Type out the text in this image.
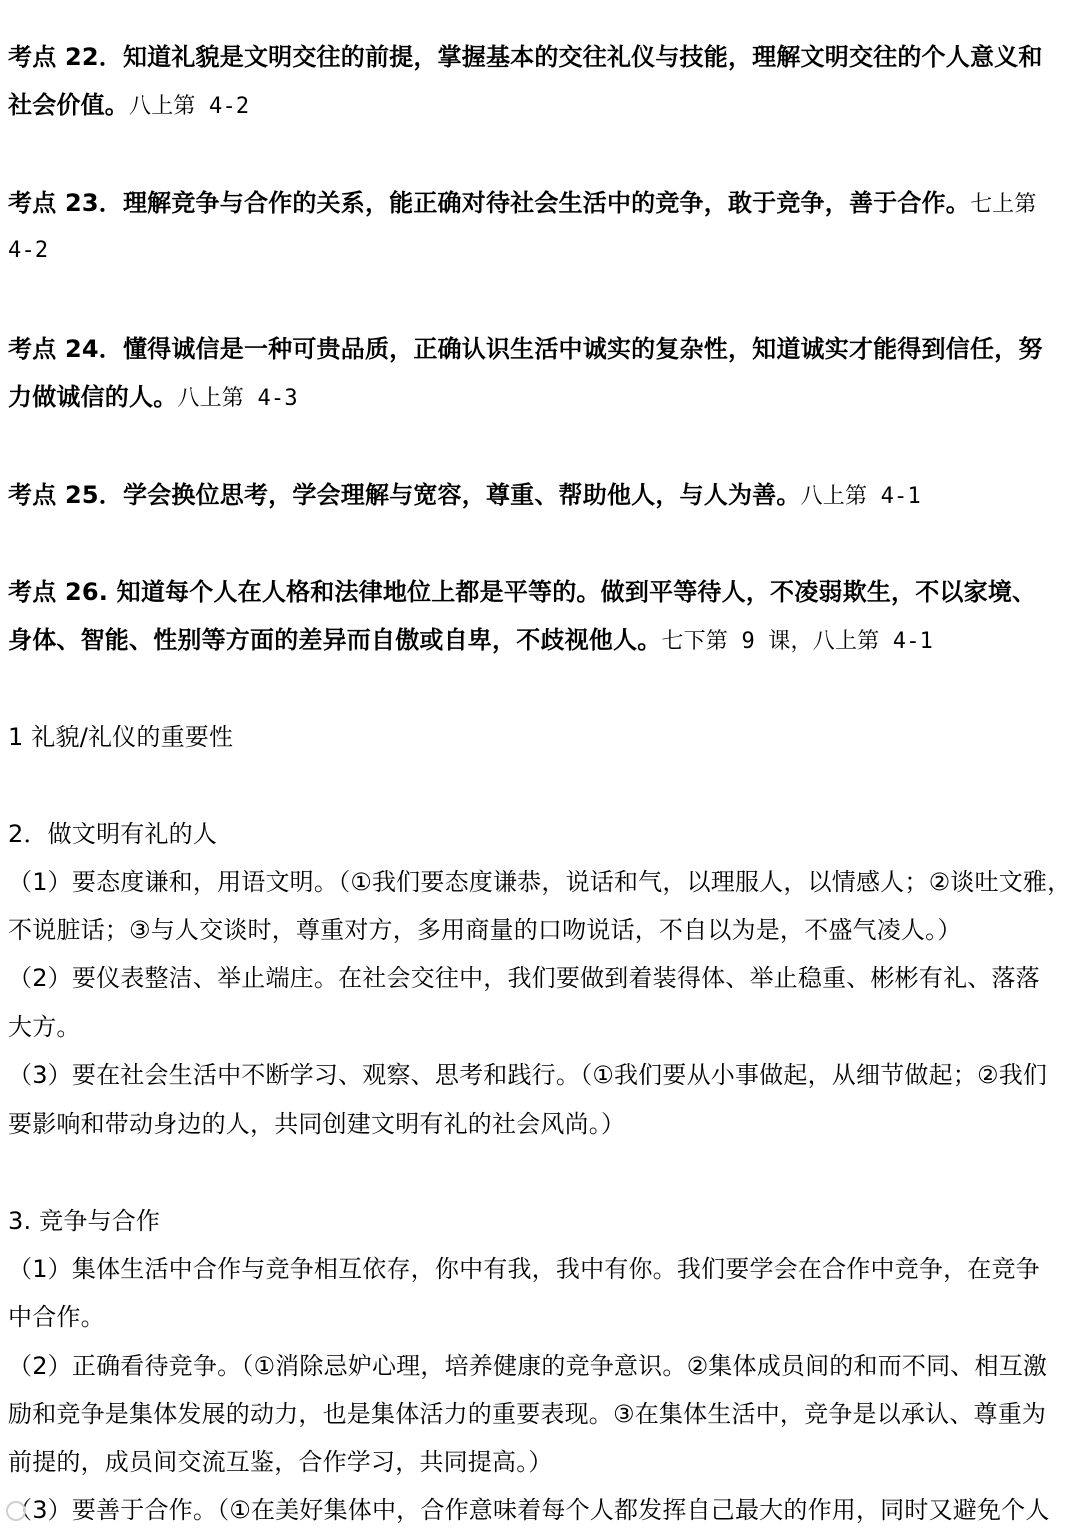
考点 22．知道礼貌是文明交往的前提，掌握基本的交往礼仪与技能，理解文明交往的个人意义和
社会价值。八上第 4-2
考点 23．理解竞争与合作的关系，能正确对待社会生活中的竞争，敢于竞争，善于合作。七上第
4-2
考点 24．懂得诚信是一种可贵品质，正确认识生活中诚实的复杂性，知道诚实才能得到信任，努
力做诚信的人。八上第 4-3
考点 25．学会换位思考，学会理解与宽容，尊重、帮助他人，与人为善。八上第 4-1
考点 26. 知道每个人在人格和法律地位上都是平等的。做到平等待人，不凌弱欺生，不以家境、
身体、智能、性别等方面的差异而自傲或自卑，不歧视他人。七下第 9 课，八上第 4-1
1 礼貌/礼仪的重要性
2．做文明有礼的人
（1）要态度谦和，用语文明。（①我们要态度谦恭，说话和气，以理服人，以情感人；②谈吐文雅，
不说脏话；③与人交谈时，尊重对方，多用商量的口吻说话，不自以为是，不盛气凌人。）
（2）要仪表整洁、举止端庄。在社会交往中，我们要做到着装得体、举止稳重、彬彬有礼、落落
大方。
（3）要在社会生活中不断学习、观察、思考和践行。（①我们要从小事做起，从细节做起；②我们
要影响和带动身边的人，共同创建文明有礼的社会风尚。）
3. 竞争与合作
（1）集体生活中合作与竞争相互依存，你中有我，我中有你。我们要学会在合作中竞争，在竞争
中合作。
（2）正确看待竞争。（①消除忌妒心理，培养健康的竞争意识。②集体成员间的和而不同、相互激
励和竞争是集体发展的动力，也是集体活力的重要表现。③在集体生活中，竞争是以承认、尊重为
前提的，成员间交流互鉴，合作学习，共同提高。）
（3）要善于合作。（①在美好集体中，合作意味着每个人都发挥自己最大的作用，同时又避免个人
